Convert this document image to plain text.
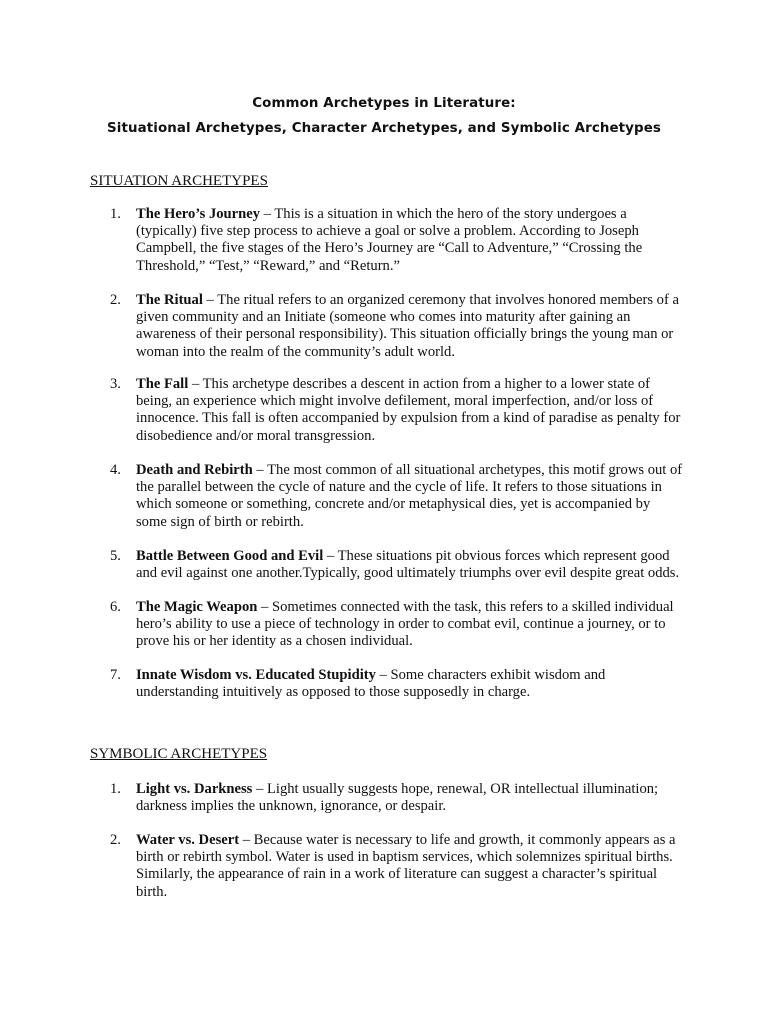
Common Archetypes in Literature:
Situational Archetypes, Character Archetypes, and Symbolic Archetypes
SITUATION ARCHETYPES
1.	The Hero’s Journey – This is a situation in which the hero of the story undergoes a (typically) five step process to achieve a goal or solve a problem. According to Joseph Campbell, the five stages of the Hero’s Journey are “Call to Adventure,” “Crossing the Threshold,” “Test,” “Reward,” and “Return.”
2.	The Ritual – The ritual refers to an organized ceremony that involves honored members of a given community and an Initiate (someone who comes into maturity after gaining an awareness of their personal responsibility). This situation officially brings the young man or woman into the realm of the community’s adult world.
3.	The Fall – This archetype describes a descent in action from a higher to a lower state of being, an experience which might involve defilement, moral imperfection, and/or loss of innocence. This fall is often accompanied by expulsion from a kind of paradise as penalty for disobedience and/or moral transgression.
4.	Death and Rebirth – The most common of all situational archetypes, this motif grows out of the parallel between the cycle of nature and the cycle of life. It refers to those situations in which someone or something, concrete and/or metaphysical dies, yet is accompanied by some sign of birth or rebirth.
5.	Battle Between Good and Evil – These situations pit obvious forces which represent good and evil against one another.Typically, good ultimately triumphs over evil despite great odds.
6.	The Magic Weapon – Sometimes connected with the task, this refers to a skilled individual hero’s ability to use a piece of technology in order to combat evil, continue a journey, or to prove his or her identity as a chosen individual.
7.	Innate Wisdom vs. Educated Stupidity – Some characters exhibit wisdom and understanding intuitively as opposed to those supposedly in charge.
SYMBOLIC ARCHETYPES
1.	Light vs. Darkness – Light usually suggests hope, renewal, OR intellectual illumination; darkness implies the unknown, ignorance, or despair.
2.	Water vs. Desert – Because water is necessary to life and growth, it commonly appears as a birth or rebirth symbol. Water is used in baptism services, which solemnizes spiritual births. Similarly, the appearance of rain in a work of literature can suggest a character’s spiritual birth.
